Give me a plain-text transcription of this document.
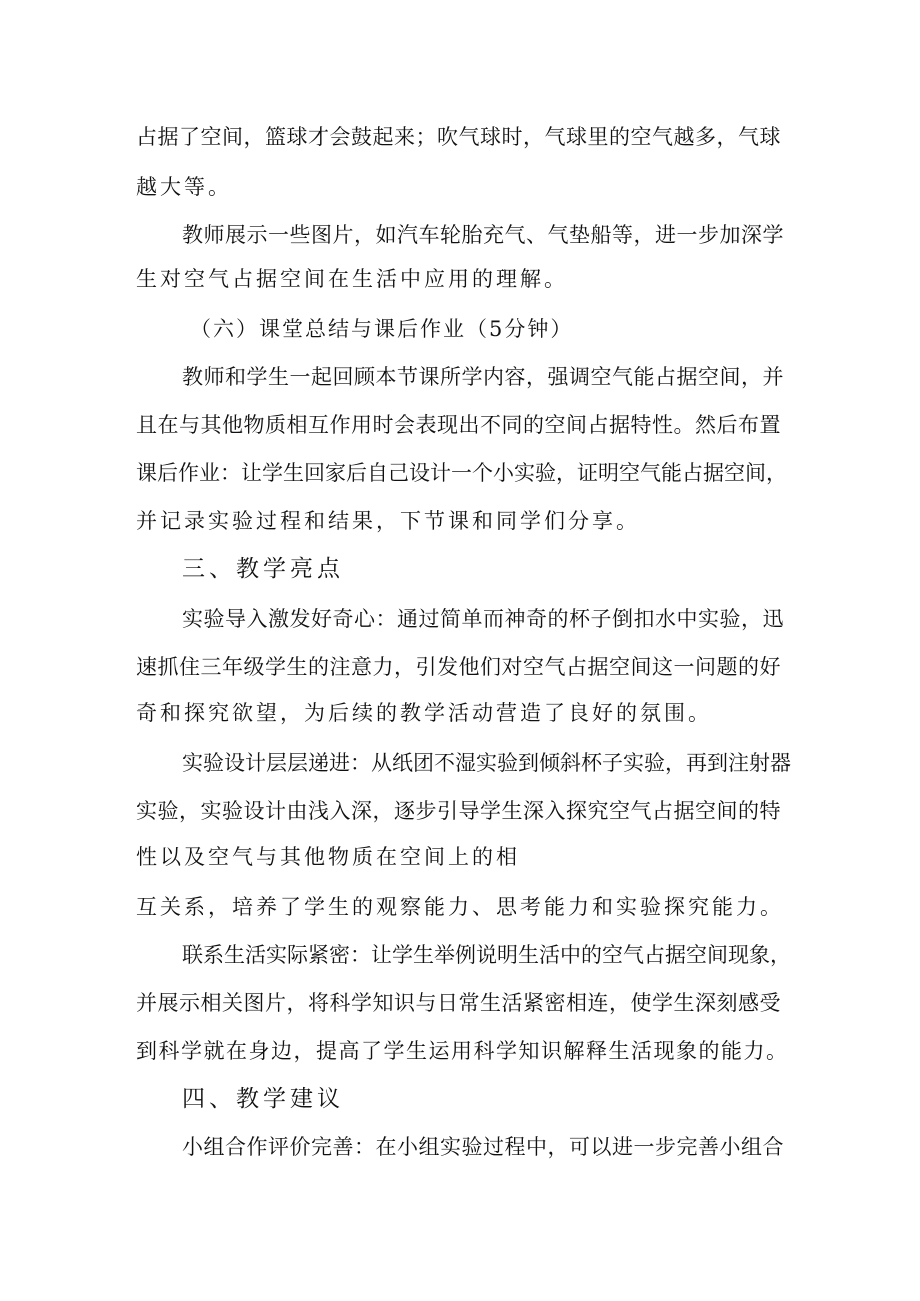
占据了空间，篮球才会鼓起来；吹气球时，气球里的空气越多，气球
越大等。
教师展示一些图片，如汽车轮胎充气、气垫船等，进一步加深学
生对空气占据空间在生活中应用的理解。
（六）课堂总结与课后作业（5分钟）
教师和学生一起回顾本节课所学内容，强调空气能占据空间，并
且在与其他物质相互作用时会表现出不同的空间占据特性。然后布置
课后作业：让学生回家后自己设计一个小实验，证明空气能占据空间，
并记录实验过程和结果，下节课和同学们分享。
三、教学亮点
实验导入激发好奇心：通过简单而神奇的杯子倒扣水中实验，迅
速抓住三年级学生的注意力，引发他们对空气占据空间这一问题的好
奇和探究欲望，为后续的教学活动营造了良好的氛围。
实验设计层层递进：从纸团不湿实验到倾斜杯子实验，再到注射器
实验，实验设计由浅入深，逐步引导学生深入探究空气占据空间的特
性以及空气与其他物质在空间上的相
互关系，培养了学生的观察能力、思考能力和实验探究能力。
联系生活实际紧密：让学生举例说明生活中的空气占据空间现象，
并展示相关图片，将科学知识与日常生活紧密相连，使学生深刻感受
到科学就在身边，提高了学生运用科学知识解释生活现象的能力。
四、教学建议
小组合作评价完善：在小组实验过程中，可以进一步完善小组合
